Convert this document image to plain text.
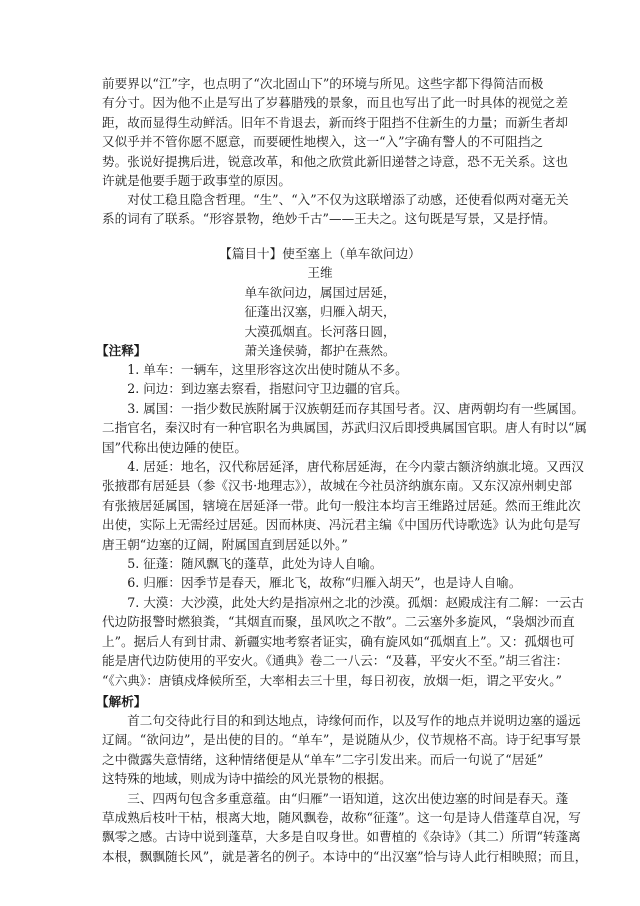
前要界以“江”字，也点明了“次北固山下”的环境与所见。这些字都下得简洁而极
有分寸。因为他不止是写出了岁暮腊残的景象，而且也写出了此一时具体的视觉之差
距，故而显得生动鲜活。旧年不肯退去，新而终于阻挡不住新生的力量；而新生者却
又似乎并不管你愿不愿意，而要硬性地楔入，这一“入”字确有警人的不可阻挡之
势。张说好提携后进，锐意改革，和他之欣赏此新旧递替之诗意，恐不无关系。这也
许就是他要手题于政事堂的原因。
　　对仗工稳且隐含哲理。“生”、“入”不仅为这联增添了动感，还使看似两对毫无关
系的词有了联系。“形容景物，绝妙千古”——王夫之。这句既是写景，又是抒情。
【篇目十】使至塞上（单车欲问边）
王维
单车欲问边，属国过居延，
征蓬出汉塞，归雁入胡天，
大漠孤烟直。长河落日圆，
萧关逢侯骑，都护在燕然。
【注释】
　　1. 单车：一辆车，这里形容这次出使时随从不多。
　　2. 问边：到边塞去察看，指慰问守卫边疆的官兵。
　　3. 属国：一指少数民族附属于汉族朝廷而存其国号者。汉、唐两朝均有一些属国。
二指官名，秦汉时有一种官职名为典属国，苏武归汉后即授典属国官职。唐人有时以“属
国”代称出使边陲的使臣。
　　4. 居延：地名，汉代称居延泽，唐代称居延海，在今内蒙古额济纳旗北境。又西汉
张掖郡有居延县（参《汉书·地理志》），故城在今社员济纳旗东南。又东汉凉州刺史部
有张掖居延属国，辖境在居延泽一带。此句一般注本均言王维路过居延。然而王维此次
出使，实际上无需经过居延。因而林庚、冯沅君主编《中国历代诗歌选》认为此句是写
唐王朝“边塞的辽阔，附属国直到居延以外。”
　　5. 征蓬：随风飘飞的蓬草，此处为诗人自喻。
　　6. 归雁：因季节是春天，雁北飞，故称“归雁入胡天”，也是诗人自喻。
　　7. 大漠：大沙漠，此处大约是指凉州之北的沙漠。孤烟：赵殿成注有二解：一云古
代边防报警时燃狼粪，“其烟直而聚，虽风吹之不散”。二云塞外多旋风，“袅烟沙而直
上”。据后人有到甘肃、新疆实地考察者证实，确有旋风如“孤烟直上”。又：孤烟也可
能是唐代边防使用的平安火。《通典》卷二一八云：“及暮，平安火不至。”胡三省注：
“《六典》：唐镇戍烽候所至，大率相去三十里，每日初夜，放烟一炬，谓之平安火。”
【解析】
　　首二句交待此行目的和到达地点，诗缘何而作，以及写作的地点并说明边塞的遥远
辽阔。“欲问边”，是出使的目的。“单车”，是说随从少，仪节规格不高。诗于纪事写景
之中微露失意情绪，这种情绪便是从“单车”二字引发出来。而后一句说了“居延”
这特殊的地域，则成为诗中描绘的风光景物的根据。
　　三、四两句包含多重意蕴。由“归雁”一语知道，这次出使边塞的时间是春天。蓬
草成熟后枝叶干枯，根离大地，随风飘卷，故称“征蓬”。这一句是诗人借蓬草自况，写
飘零之感。古诗中说到蓬草，大多是自叹身世。如曹植的《杂诗》（其二）所谓“转蓬离
本根，飘飘随长风”，就是著名的例子。本诗中的“出汉塞”恰与诗人此行相映照；而且，
